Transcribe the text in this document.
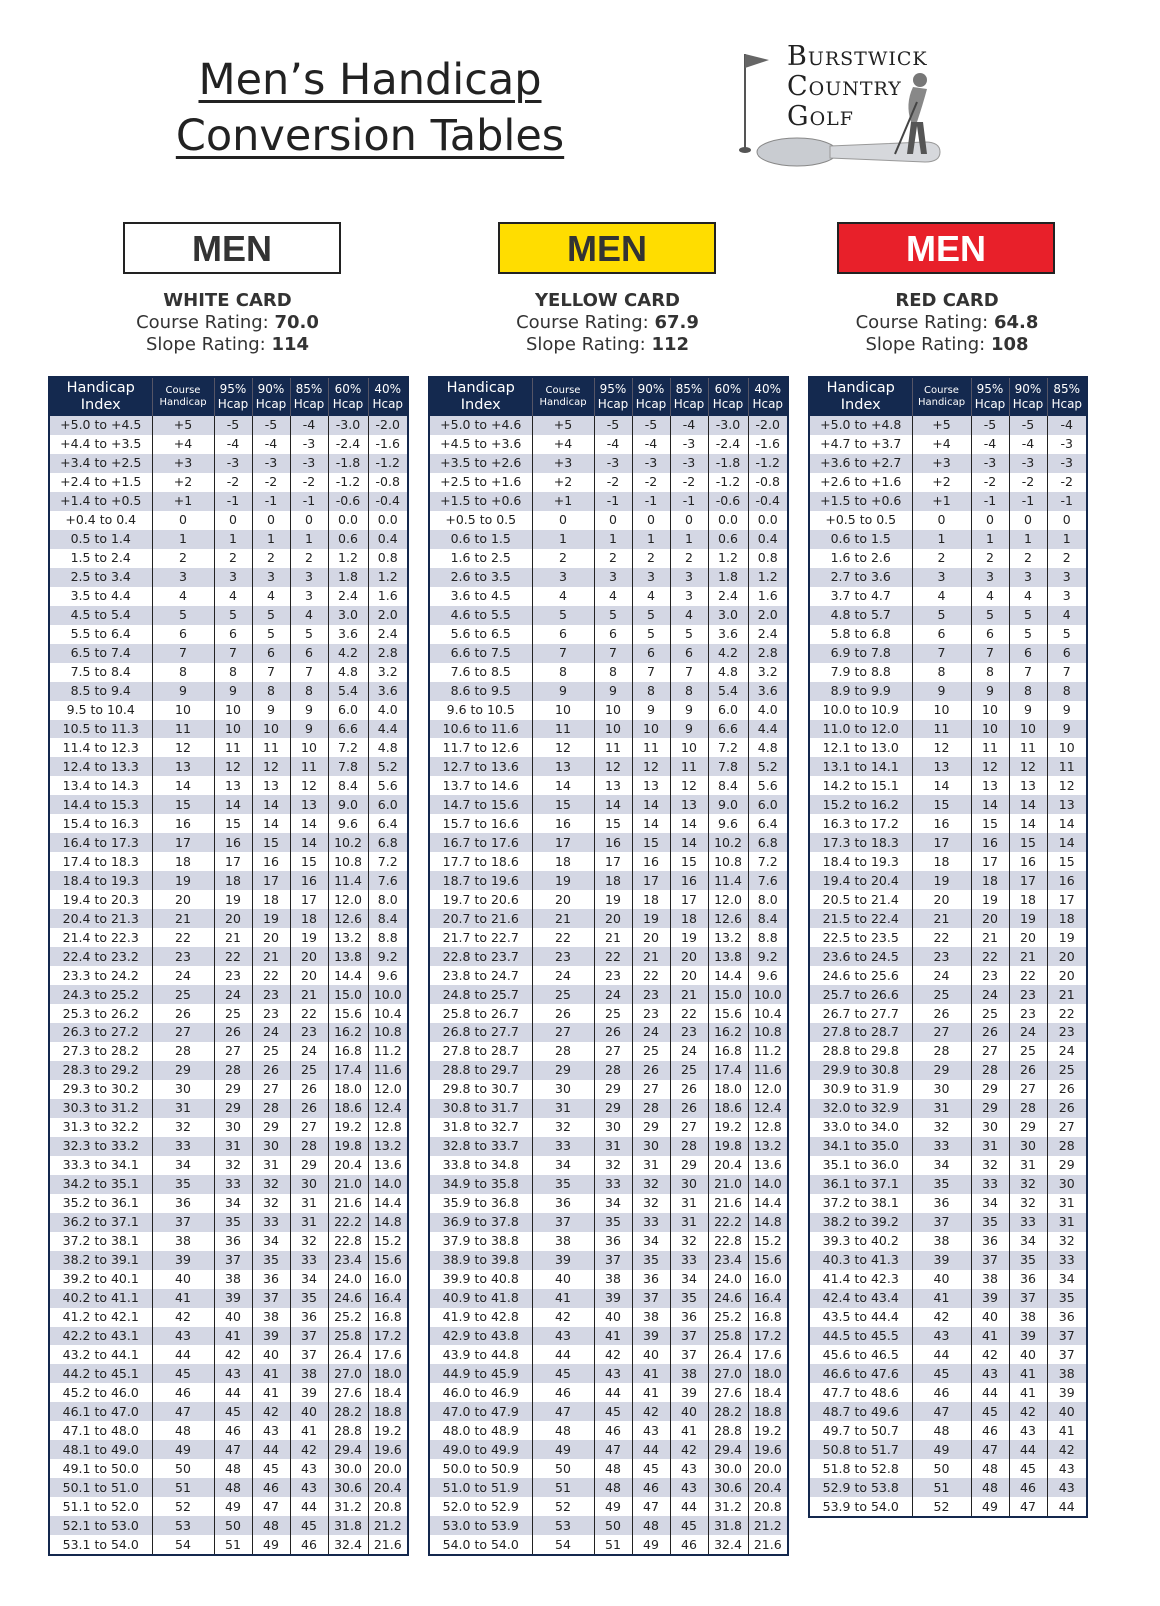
Men’s Handicap
Conversion Tables
Burstwick
Country
Golf
MEN
WHITE CARD
Course Rating: 70.0
Slope Rating: 114
Handicap Index	Course Handicap	95% Hcap	90% Hcap	85% Hcap	60% Hcap	40% Hcap
+5.0 to +4.5	+5	-5	-5	-4	-3.0	-2.0
+4.4 to +3.5	+4	-4	-4	-3	-2.4	-1.6
+3.4 to +2.5	+3	-3	-3	-3	-1.8	-1.2
+2.4 to +1.5	+2	-2	-2	-2	-1.2	-0.8
+1.4 to +0.5	+1	-1	-1	-1	-0.6	-0.4
+0.4 to 0.4	0	0	0	0	0.0	0.0
0.5 to 1.4	1	1	1	1	0.6	0.4
1.5 to 2.4	2	2	2	2	1.2	0.8
2.5 to 3.4	3	3	3	3	1.8	1.2
3.5 to 4.4	4	4	4	3	2.4	1.6
4.5 to 5.4	5	5	5	4	3.0	2.0
5.5 to 6.4	6	6	5	5	3.6	2.4
6.5 to 7.4	7	7	6	6	4.2	2.8
7.5 to 8.4	8	8	7	7	4.8	3.2
8.5 to 9.4	9	9	8	8	5.4	3.6
9.5 to 10.4	10	10	9	9	6.0	4.0
10.5 to 11.3	11	10	10	9	6.6	4.4
11.4 to 12.3	12	11	11	10	7.2	4.8
12.4 to 13.3	13	12	12	11	7.8	5.2
13.4 to 14.3	14	13	13	12	8.4	5.6
14.4 to 15.3	15	14	14	13	9.0	6.0
15.4 to 16.3	16	15	14	14	9.6	6.4
16.4 to 17.3	17	16	15	14	10.2	6.8
17.4 to 18.3	18	17	16	15	10.8	7.2
18.4 to 19.3	19	18	17	16	11.4	7.6
19.4 to 20.3	20	19	18	17	12.0	8.0
20.4 to 21.3	21	20	19	18	12.6	8.4
21.4 to 22.3	22	21	20	19	13.2	8.8
22.4 to 23.2	23	22	21	20	13.8	9.2
23.3 to 24.2	24	23	22	20	14.4	9.6
24.3 to 25.2	25	24	23	21	15.0	10.0
25.3 to 26.2	26	25	23	22	15.6	10.4
26.3 to 27.2	27	26	24	23	16.2	10.8
27.3 to 28.2	28	27	25	24	16.8	11.2
28.3 to 29.2	29	28	26	25	17.4	11.6
29.3 to 30.2	30	29	27	26	18.0	12.0
30.3 to 31.2	31	29	28	26	18.6	12.4
31.3 to 32.2	32	30	29	27	19.2	12.8
32.3 to 33.2	33	31	30	28	19.8	13.2
33.3 to 34.1	34	32	31	29	20.4	13.6
34.2 to 35.1	35	33	32	30	21.0	14.0
35.2 to 36.1	36	34	32	31	21.6	14.4
36.2 to 37.1	37	35	33	31	22.2	14.8
37.2 to 38.1	38	36	34	32	22.8	15.2
38.2 to 39.1	39	37	35	33	23.4	15.6
39.2 to 40.1	40	38	36	34	24.0	16.0
40.2 to 41.1	41	39	37	35	24.6	16.4
41.2 to 42.1	42	40	38	36	25.2	16.8
42.2 to 43.1	43	41	39	37	25.8	17.2
43.2 to 44.1	44	42	40	37	26.4	17.6
44.2 to 45.1	45	43	41	38	27.0	18.0
45.2 to 46.0	46	44	41	39	27.6	18.4
46.1 to 47.0	47	45	42	40	28.2	18.8
47.1 to 48.0	48	46	43	41	28.8	19.2
48.1 to 49.0	49	47	44	42	29.4	19.6
49.1 to 50.0	50	48	45	43	30.0	20.0
50.1 to 51.0	51	48	46	43	30.6	20.4
51.1 to 52.0	52	49	47	44	31.2	20.8
52.1 to 53.0	53	50	48	45	31.8	21.2
53.1 to 54.0	54	51	49	46	32.4	21.6
MEN
YELLOW CARD
Course Rating: 67.9
Slope Rating: 112
Handicap Index	Course Handicap	95% Hcap	90% Hcap	85% Hcap	60% Hcap	40% Hcap
+5.0 to +4.6	+5	-5	-5	-4	-3.0	-2.0
+4.5 to +3.6	+4	-4	-4	-3	-2.4	-1.6
+3.5 to +2.6	+3	-3	-3	-3	-1.8	-1.2
+2.5 to +1.6	+2	-2	-2	-2	-1.2	-0.8
+1.5 to +0.6	+1	-1	-1	-1	-0.6	-0.4
+0.5 to 0.5	0	0	0	0	0.0	0.0
0.6 to 1.5	1	1	1	1	0.6	0.4
1.6 to 2.5	2	2	2	2	1.2	0.8
2.6 to 3.5	3	3	3	3	1.8	1.2
3.6 to 4.5	4	4	4	3	2.4	1.6
4.6 to 5.5	5	5	5	4	3.0	2.0
5.6 to 6.5	6	6	5	5	3.6	2.4
6.6 to 7.5	7	7	6	6	4.2	2.8
7.6 to 8.5	8	8	7	7	4.8	3.2
8.6 to 9.5	9	9	8	8	5.4	3.6
9.6 to 10.5	10	10	9	9	6.0	4.0
10.6 to 11.6	11	10	10	9	6.6	4.4
11.7 to 12.6	12	11	11	10	7.2	4.8
12.7 to 13.6	13	12	12	11	7.8	5.2
13.7 to 14.6	14	13	13	12	8.4	5.6
14.7 to 15.6	15	14	14	13	9.0	6.0
15.7 to 16.6	16	15	14	14	9.6	6.4
16.7 to 17.6	17	16	15	14	10.2	6.8
17.7 to 18.6	18	17	16	15	10.8	7.2
18.7 to 19.6	19	18	17	16	11.4	7.6
19.7 to 20.6	20	19	18	17	12.0	8.0
20.7 to 21.6	21	20	19	18	12.6	8.4
21.7 to 22.7	22	21	20	19	13.2	8.8
22.8 to 23.7	23	22	21	20	13.8	9.2
23.8 to 24.7	24	23	22	20	14.4	9.6
24.8 to 25.7	25	24	23	21	15.0	10.0
25.8 to 26.7	26	25	23	22	15.6	10.4
26.8 to 27.7	27	26	24	23	16.2	10.8
27.8 to 28.7	28	27	25	24	16.8	11.2
28.8 to 29.7	29	28	26	25	17.4	11.6
29.8 to 30.7	30	29	27	26	18.0	12.0
30.8 to 31.7	31	29	28	26	18.6	12.4
31.8 to 32.7	32	30	29	27	19.2	12.8
32.8 to 33.7	33	31	30	28	19.8	13.2
33.8 to 34.8	34	32	31	29	20.4	13.6
34.9 to 35.8	35	33	32	30	21.0	14.0
35.9 to 36.8	36	34	32	31	21.6	14.4
36.9 to 37.8	37	35	33	31	22.2	14.8
37.9 to 38.8	38	36	34	32	22.8	15.2
38.9 to 39.8	39	37	35	33	23.4	15.6
39.9 to 40.8	40	38	36	34	24.0	16.0
40.9 to 41.8	41	39	37	35	24.6	16.4
41.9 to 42.8	42	40	38	36	25.2	16.8
42.9 to 43.8	43	41	39	37	25.8	17.2
43.9 to 44.8	44	42	40	37	26.4	17.6
44.9 to 45.9	45	43	41	38	27.0	18.0
46.0 to 46.9	46	44	41	39	27.6	18.4
47.0 to 47.9	47	45	42	40	28.2	18.8
48.0 to 48.9	48	46	43	41	28.8	19.2
49.0 to 49.9	49	47	44	42	29.4	19.6
50.0 to 50.9	50	48	45	43	30.0	20.0
51.0 to 51.9	51	48	46	43	30.6	20.4
52.0 to 52.9	52	49	47	44	31.2	20.8
53.0 to 53.9	53	50	48	45	31.8	21.2
54.0 to 54.0	54	51	49	46	32.4	21.6
MEN
RED CARD
Course Rating: 64.8
Slope Rating: 108
Handicap Index	Course Handicap	95% Hcap	90% Hcap	85% Hcap
+5.0 to +4.8	+5	-5	-5	-4
+4.7 to +3.7	+4	-4	-4	-3
+3.6 to +2.7	+3	-3	-3	-3
+2.6 to +1.6	+2	-2	-2	-2
+1.5 to +0.6	+1	-1	-1	-1
+0.5 to 0.5	0	0	0	0
0.6 to 1.5	1	1	1	1
1.6 to 2.6	2	2	2	2
2.7 to 3.6	3	3	3	3
3.7 to 4.7	4	4	4	3
4.8 to 5.7	5	5	5	4
5.8 to 6.8	6	6	5	5
6.9 to 7.8	7	7	6	6
7.9 to 8.8	8	8	7	7
8.9 to 9.9	9	9	8	8
10.0 to 10.9	10	10	9	9
11.0 to 12.0	11	10	10	9
12.1 to 13.0	12	11	11	10
13.1 to 14.1	13	12	12	11
14.2 to 15.1	14	13	13	12
15.2 to 16.2	15	14	14	13
16.3 to 17.2	16	15	14	14
17.3 to 18.3	17	16	15	14
18.4 to 19.3	18	17	16	15
19.4 to 20.4	19	18	17	16
20.5 to 21.4	20	19	18	17
21.5 to 22.4	21	20	19	18
22.5 to 23.5	22	21	20	19
23.6 to 24.5	23	22	21	20
24.6 to 25.6	24	23	22	20
25.7 to 26.6	25	24	23	21
26.7 to 27.7	26	25	23	22
27.8 to 28.7	27	26	24	23
28.8 to 29.8	28	27	25	24
29.9 to 30.8	29	28	26	25
30.9 to 31.9	30	29	27	26
32.0 to 32.9	31	29	28	26
33.0 to 34.0	32	30	29	27
34.1 to 35.0	33	31	30	28
35.1 to 36.0	34	32	31	29
36.1 to 37.1	35	33	32	30
37.2 to 38.1	36	34	32	31
38.2 to 39.2	37	35	33	31
39.3 to 40.2	38	36	34	32
40.3 to 41.3	39	37	35	33
41.4 to 42.3	40	38	36	34
42.4 to 43.4	41	39	37	35
43.5 to 44.4	42	40	38	36
44.5 to 45.5	43	41	39	37
45.6 to 46.5	44	42	40	37
46.6 to 47.6	45	43	41	38
47.7 to 48.6	46	44	41	39
48.7 to 49.6	47	45	42	40
49.7 to 50.7	48	46	43	41
50.8 to 51.7	49	47	44	42
51.8 to 52.8	50	48	45	43
52.9 to 53.8	51	48	46	43
53.9 to 54.0	52	49	47	44
